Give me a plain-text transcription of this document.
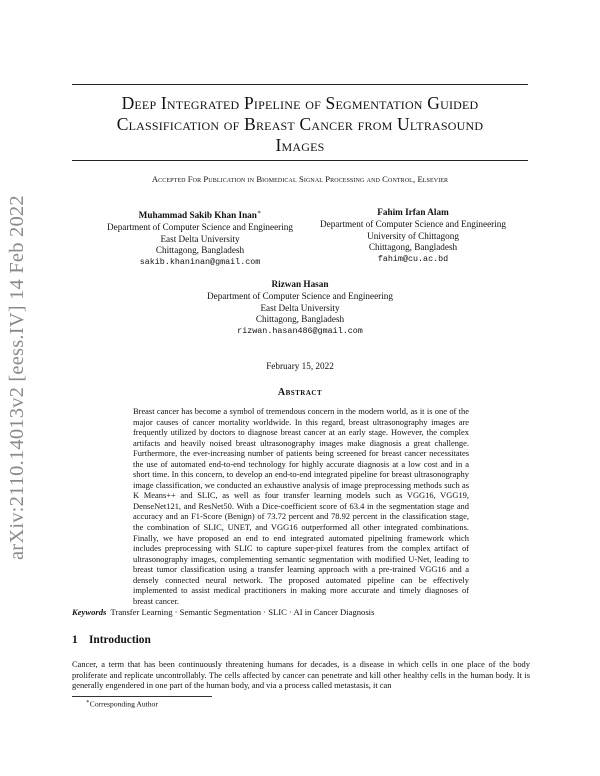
arXiv:2110.14013v2 [eess.IV] 14 Feb 2022
Deep Integrated Pipeline of Segmentation Guided
Classification of Breast Cancer from Ultrasound
Images
Accepted For Publication in Biomedical Signal Processing and Control, Elsevier
Muhammad Sakib Khan Inan∗
Department of Computer Science and Engineering
East Delta University
Chittagong, Bangladesh
sakib.khaninan@gmail.com
Fahim Irfan Alam
Department of Computer Science and Engineering
University of Chittagong
Chittagong, Bangladesh
fahim@cu.ac.bd
Rizwan Hasan
Department of Computer Science and Engineering
East Delta University
Chittagong, Bangladesh
rizwan.hasan486@gmail.com
February 15, 2022
Abstract
Breast cancer has become a symbol of tremendous concern in the modern world, as it is one of the major causes of cancer mortality worldwide. In this regard, breast ultrasonography images are frequently utilized by doctors to diagnose breast cancer at an early stage. However, the complex artifacts and heavily noised breast ultrasonography images make diagnosis a great challenge. Furthermore, the ever-increasing number of patients being screened for breast cancer necessitates the use of automated end-to-end technology for highly accurate diagnosis at a low cost and in a short time. In this concern, to develop an end-to-end integrated pipeline for breast ultrasonography image classification, we conducted an exhaustive analysis of image preprocessing methods such as K Means++ and SLIC, as well as four transfer learning models such as VGG16, VGG19, DenseNet121, and ResNet50. With a Dice-coefficient score of 63.4 in the segmentation stage and accuracy and an F1-Score (Benign) of 73.72 percent and 78.92 percent in the classification stage, the combination of SLIC, UNET, and VGG16 outperformed all other integrated combinations. Finally, we have proposed an end to end integrated automated pipelining framework which includes preprocessing with SLIC to capture super-pixel features from the complex artifact of ultrasonography images, complementing semantic segmentation with modified U-Net, leading to breast tumor classification using a transfer learning approach with a pre-trained VGG16 and a densely connected neural network. The proposed automated pipeline can be effectively implemented to assist medical practitioners in making more accurate and timely diagnoses of breast cancer.
Keywords Transfer Learning · Semantic Segmentation · SLIC · AI in Cancer Diagnosis
1 Introduction
Cancer, a term that has been continuously threatening humans for decades, is a disease in which cells in one place of the body proliferate and replicate uncontrollably. The cells affected by cancer can penetrate and kill other healthy cells in the human body. It is generally engendered in one part of the human body, and via a process called metastasis, it can
∗Corresponding Author
